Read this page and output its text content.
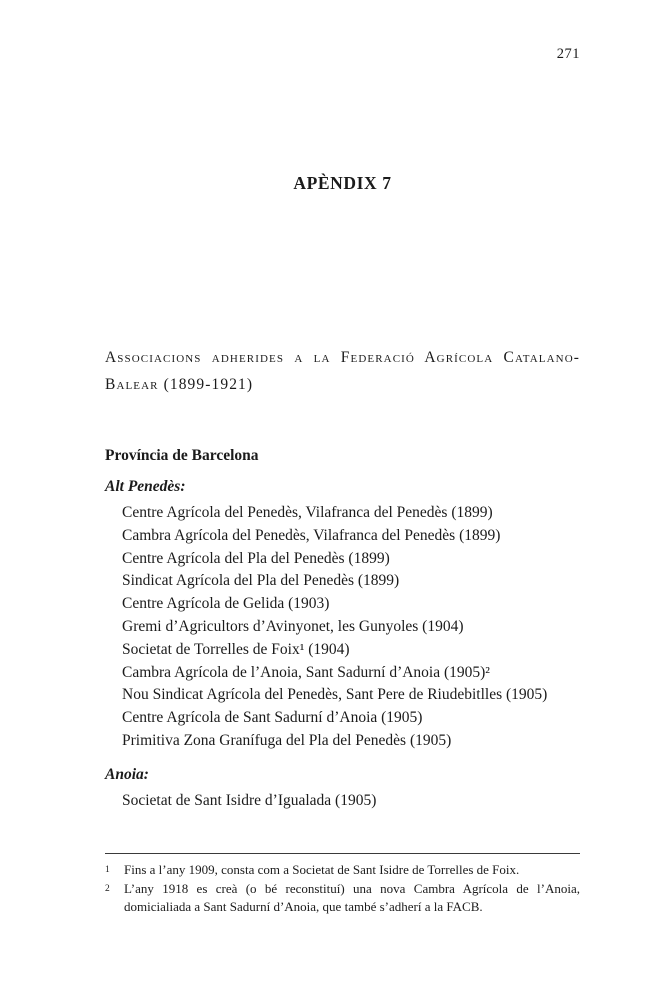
271
APÈNDIX 7
Associacions adherides a la Federació Agrícola Catalano-Balear (1899-1921)
Província de Barcelona
Alt Penedès:
Centre Agrícola del Penedès, Vilafranca del Penedès (1899)
Cambra Agrícola del Penedès, Vilafranca del Penedès (1899)
Centre Agrícola del Pla del Penedès (1899)
Sindicat Agrícola del Pla del Penedès (1899)
Centre Agrícola de Gelida (1903)
Gremi d’Agricultors d’Avinyonet, les Gunyoles (1904)
Societat de Torrelles de Foix¹ (1904)
Cambra Agrícola de l’Anoia, Sant Sadurní d’Anoia (1905)²
Nou Sindicat Agrícola del Penedès, Sant Pere de Riudebitlles (1905)
Centre Agrícola de Sant Sadurní d’Anoia (1905)
Primitiva Zona Granífuga del Pla del Penedès (1905)
Anoia:
Societat de Sant Isidre d’Igualada (1905)
1	Fins a l’any 1909, consta com a Societat de Sant Isidre de Torrelles de Foix.
2	L’any 1918 es creà (o bé reconstituí) una nova Cambra Agrícola de l’Anoia, domicialiada a Sant Sadurní d’Anoia, que també s’adherí a la FACB.
